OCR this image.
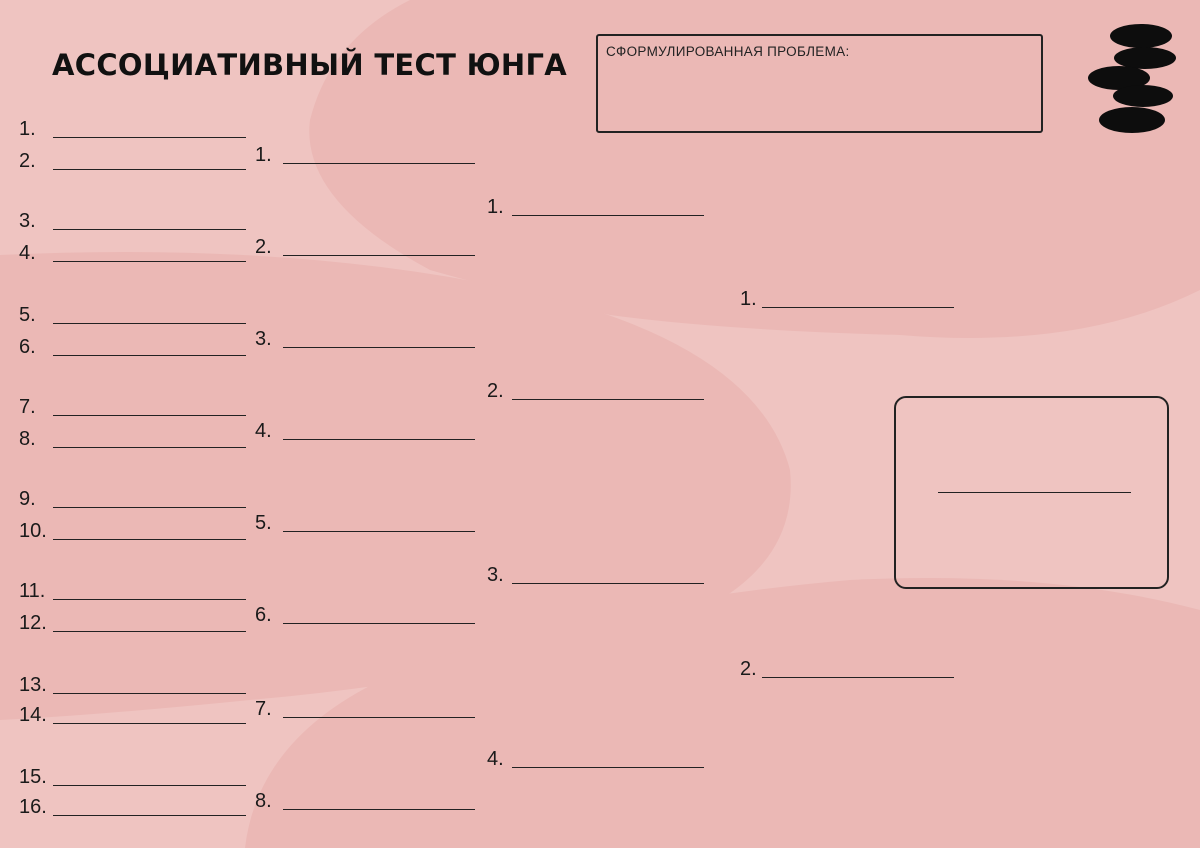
АССОЦИАТИВНЫЙ ТЕСТ ЮНГА	СФОРМУЛИРОВАННАЯ ПРОБЛЕМА:
1.
2.
3.
4.
5.
6.
7.
8.
9.
10.
11.
12.
13.
14.
15.
16.
1.
2.
3.
4.
5.
6.
7.
8.
1.
2.
3.
4.
1.
2.
